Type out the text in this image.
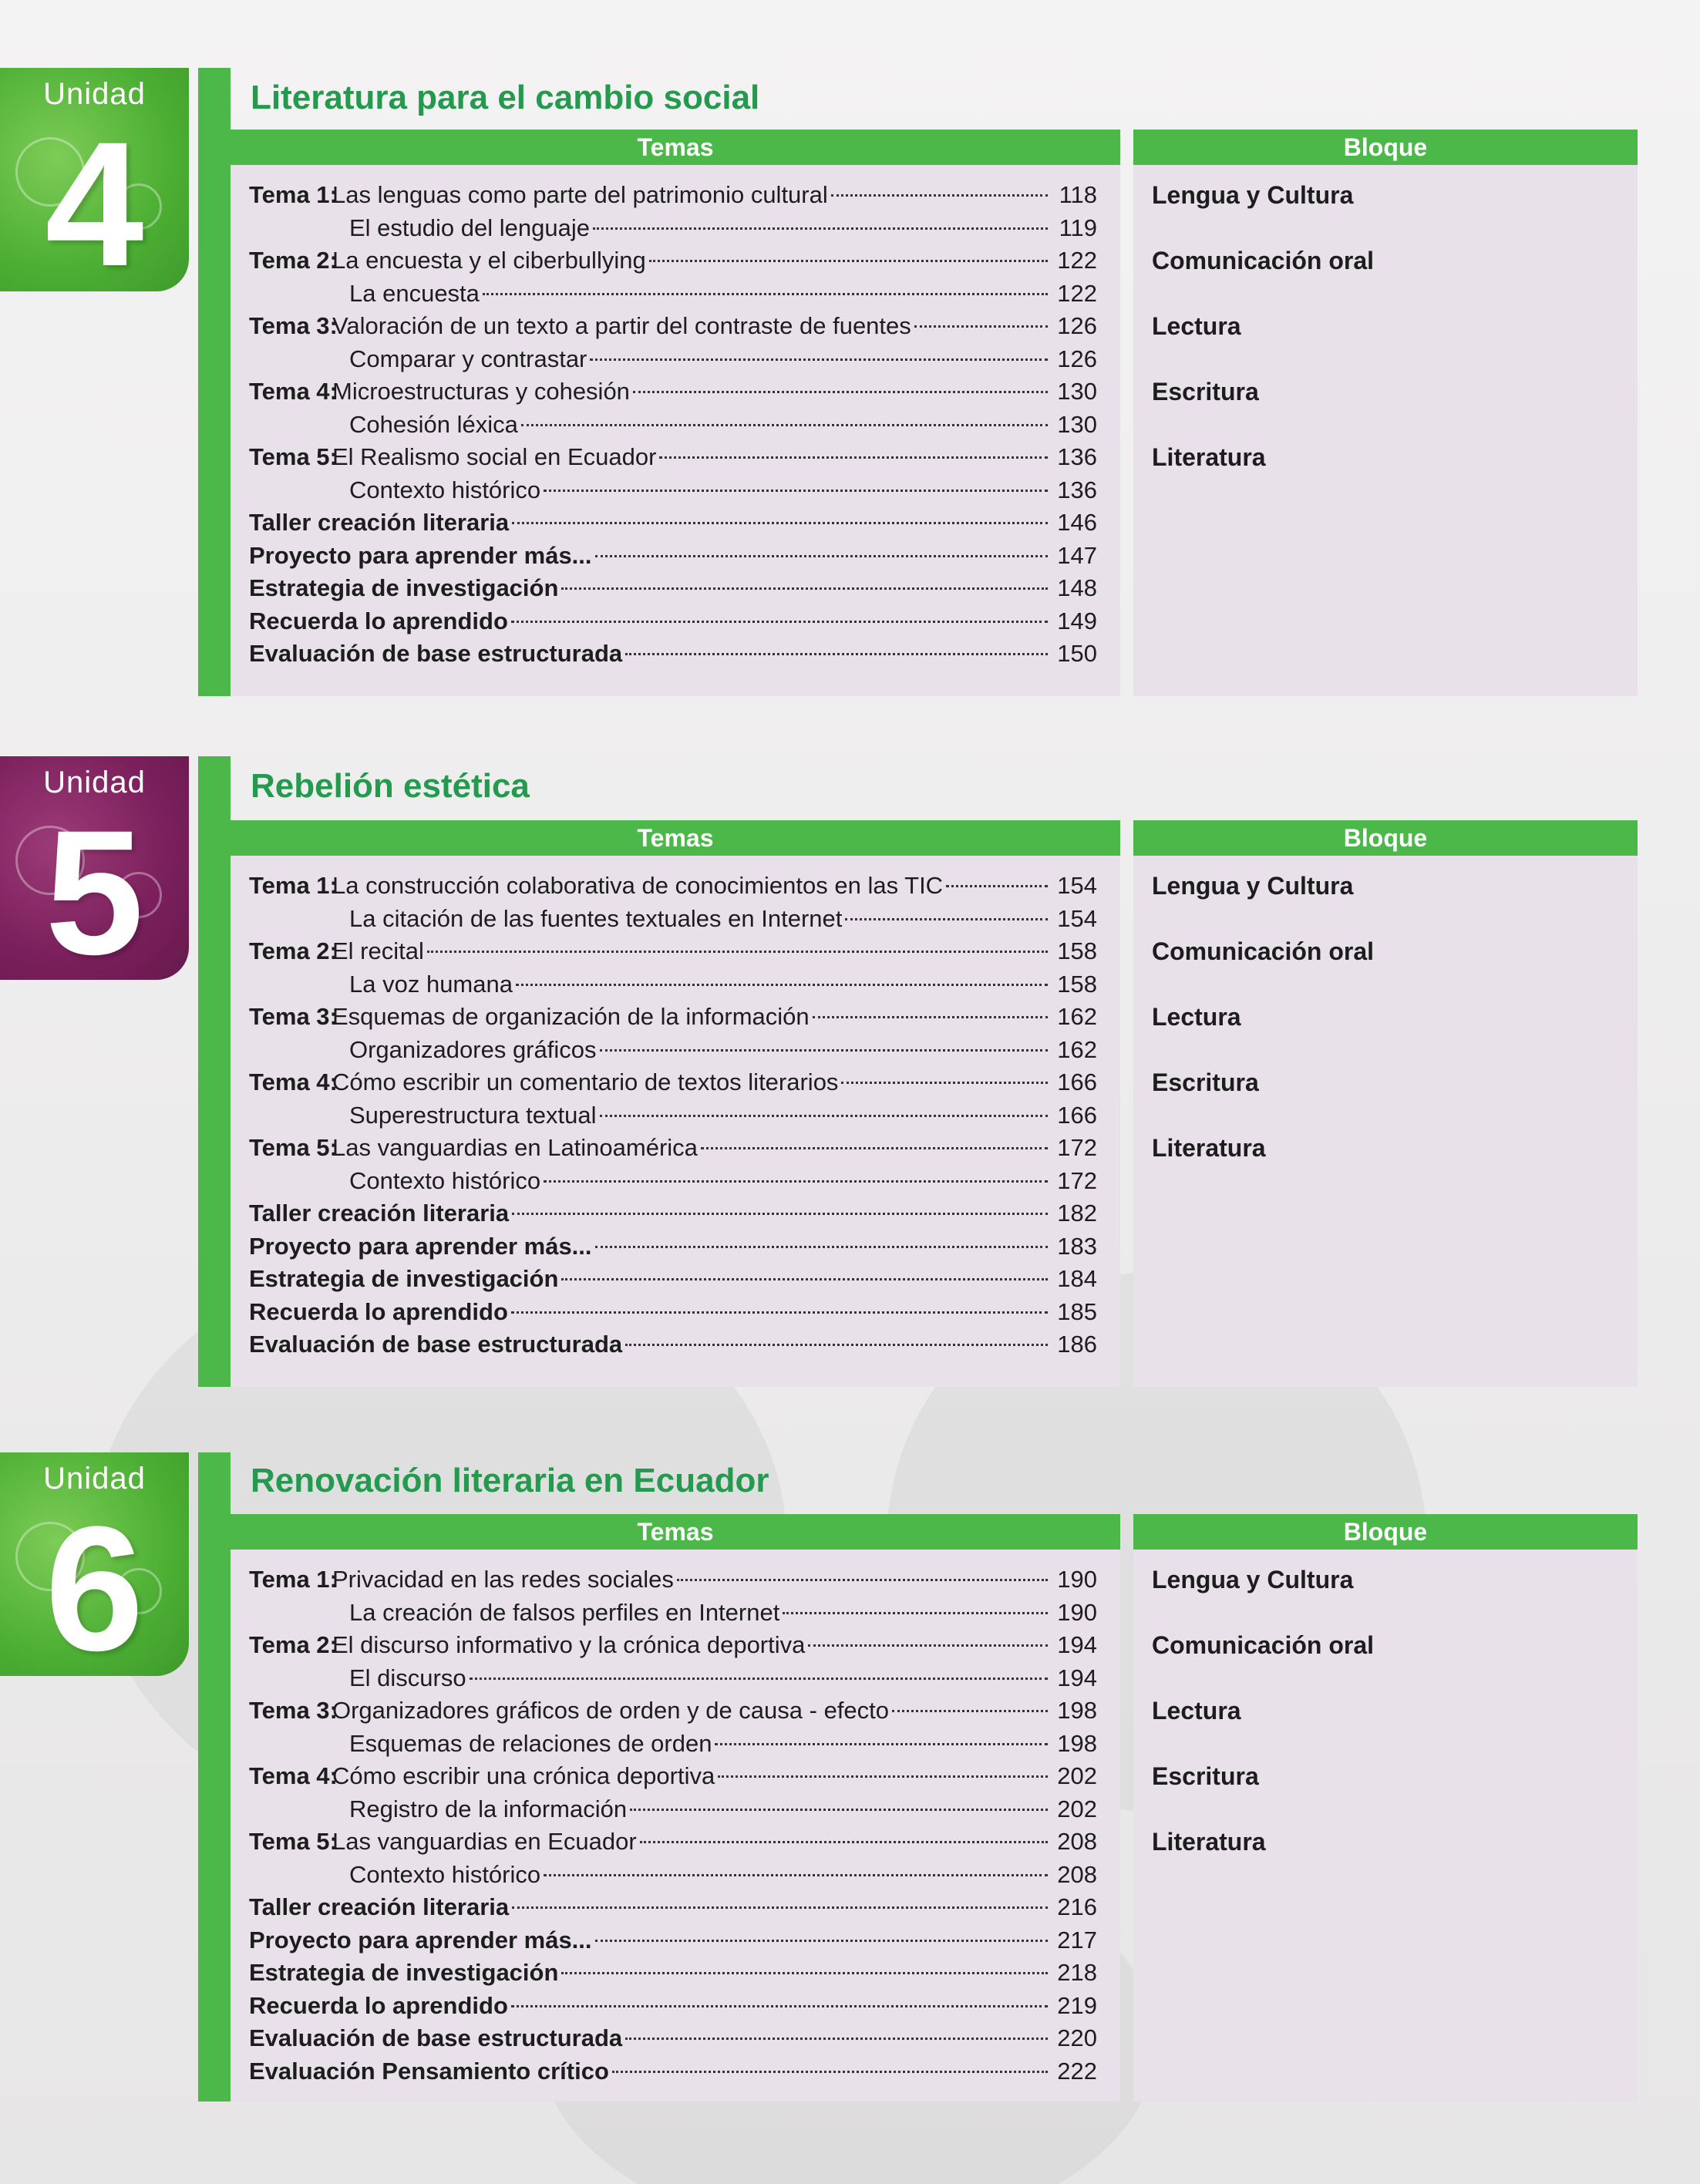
Unidad
4
Literatura para el cambio social
Temas
Tema 1:
Las lenguas como parte del patrimonio cultural	118
El estudio del lenguaje	119
Tema 2:
La encuesta y el ciberbullying	122
La encuesta	122
Tema 3:
Valoración de un texto a partir del contraste de fuentes	126
Comparar y contrastar	126
Tema 4:
Microestructuras y cohesión	130
Cohesión léxica	130
Tema 5:
El Realismo social en Ecuador	136
Contexto histórico	136
Taller creación literaria	146
Proyecto para aprender más...	147
Estrategia de investigación	148
Recuerda lo aprendido	149
Evaluación de base estructurada	150
Bloque
Lengua y Cultura
Comunicación oral
Lectura
Escritura
Literatura
Unidad
5
Rebelión estética
Temas
Tema 1:
La construcción colaborativa de conocimientos en las TIC	154
La citación de las fuentes textuales en Internet	154
Tema 2:
El recital	158
La voz humana	158
Tema 3:
Esquemas de organización de la información	162
Organizadores gráficos	162
Tema 4:
Cómo escribir un comentario de textos literarios	166
Superestructura textual	166
Tema 5:
Las vanguardias en Latinoamérica	172
Contexto histórico	172
Taller creación literaria	182
Proyecto para aprender más...	183
Estrategia de investigación	184
Recuerda lo aprendido	185
Evaluación de base estructurada	186
Bloque
Lengua y Cultura
Comunicación oral
Lectura
Escritura
Literatura
Unidad
6
Renovación literaria en Ecuador
Temas
Tema 1:
Privacidad en las redes sociales	190
La creación de falsos perfiles en Internet	190
Tema 2:
El discurso informativo y la crónica deportiva	194
El discurso	194
Tema 3:
Organizadores gráficos de orden y de causa - efecto	198
Esquemas de relaciones de orden	198
Tema 4:
Cómo escribir una crónica deportiva	202
Registro de la información	202
Tema 5:
Las vanguardias en Ecuador	208
Contexto histórico	208
Taller creación literaria	216
Proyecto para aprender más...	217
Estrategia de investigación	218
Recuerda lo aprendido	219
Evaluación de base estructurada	220
Evaluación Pensamiento crítico	222
Bloque
Lengua y Cultura
Comunicación oral
Lectura
Escritura
Literatura
